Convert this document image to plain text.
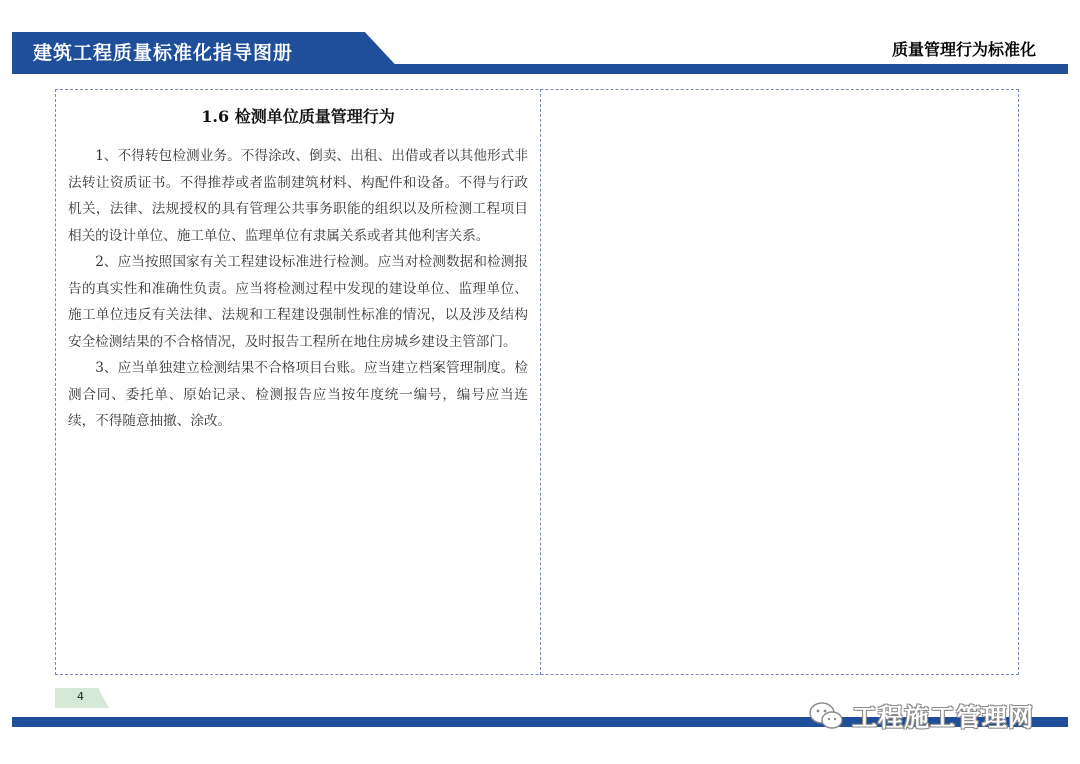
建筑工程质量标准化指导图册	质量管理行为标准化
1.6 检测单位质量管理行为

1、不得转包检测业务。不得涂改、倒卖、出租、出借或者以其他形式非法转让资质证书。不得推荐或者监制建筑材料、构配件和设备。不得与行政机关，法律、法规授权的具有管理公共事务职能的组织以及所检测工程项目相关的设计单位、施工单位、监理单位有隶属关系或者其他利害关系。

2、应当按照国家有关工程建设标准进行检测。应当对检测数据和检测报告的真实性和准确性负责。应当将检测过程中发现的建设单位、监理单位、施工单位违反有关法律、法规和工程建设强制性标准的情况，以及涉及结构安全检测结果的不合格情况，及时报告工程所在地住房城乡建设主管部门。

3、应当单独建立检测结果不合格项目台账。应当建立档案管理制度。检测合同、委托单、原始记录、检测报告应当按年度统一编号，编号应当连续，不得随意抽撤、涂改。

4
工程施工管理网
